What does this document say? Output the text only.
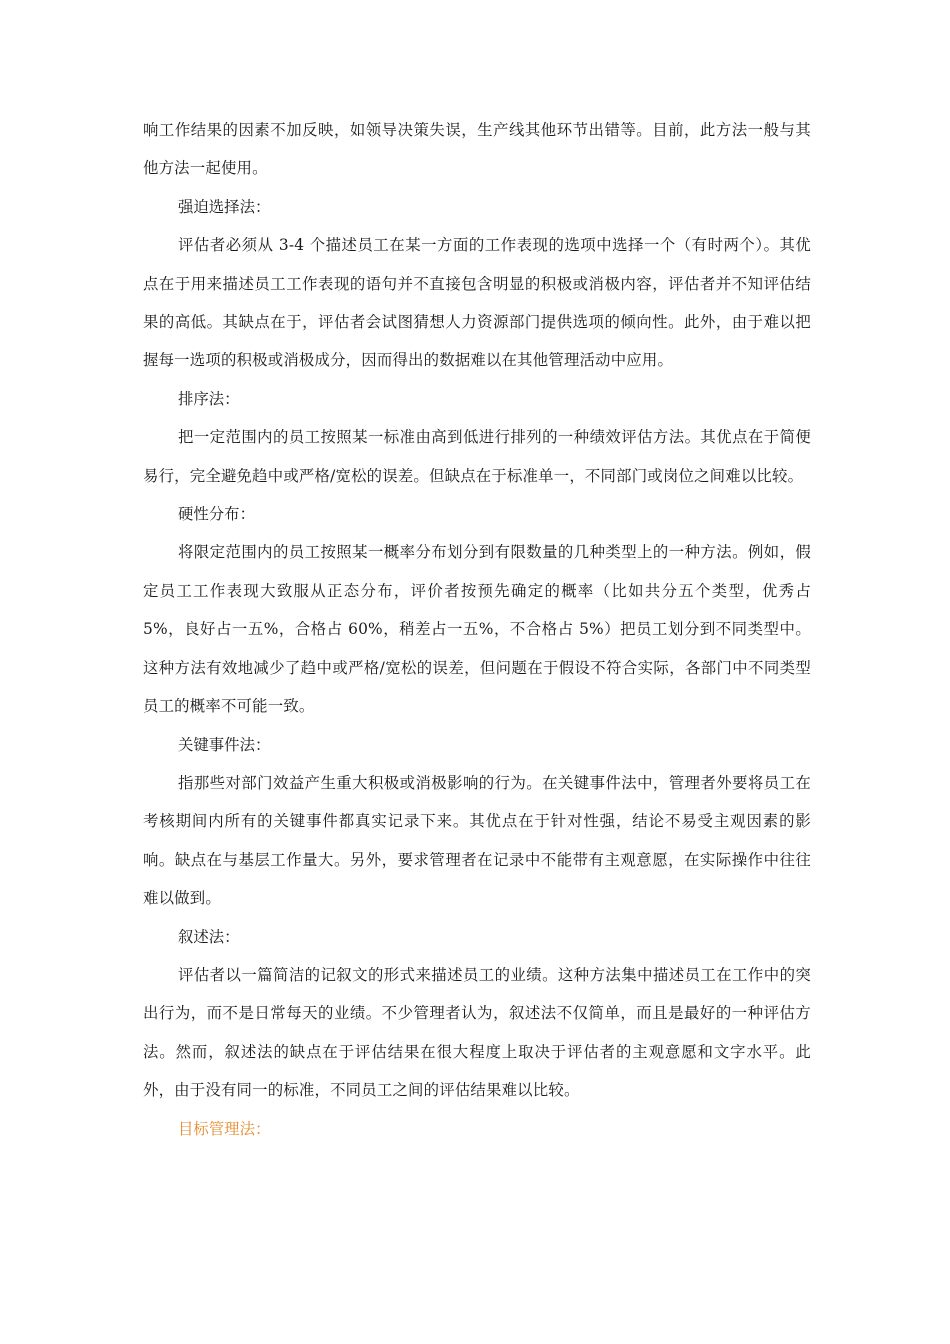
响工作结果的因素不加反映，如领导决策失误，生产线其他环节出错等。目前，此方法一般与其他方法一起使用。

强迫选择法：

评估者必须从 3-4 个描述员工在某一方面的工作表现的选项中选择一个（有时两个）。其优点在于用来描述员工工作表现的语句并不直接包含明显的积极或消极内容，评估者并不知评估结果的高低。其缺点在于，评估者会试图猜想人力资源部门提供选项的倾向性。此外，由于难以把握每一选项的积极或消极成分，因而得出的数据难以在其他管理活动中应用。

排序法：

把一定范围内的员工按照某一标准由高到低进行排列的一种绩效评估方法。其优点在于简便易行，完全避免趋中或严格/宽松的误差。但缺点在于标准单一，不同部门或岗位之间难以比较。

硬性分布：

将限定范围内的员工按照某一概率分布划分到有限数量的几种类型上的一种方法。例如，假定员工工作表现大致服从正态分布，评价者按预先确定的概率（比如共分五个类型，优秀占 5%，良好占一五%，合格占 60%，稍差占一五%，不合格占 5%）把员工划分到不同类型中。这种方法有效地减少了趋中或严格/宽松的误差，但问题在于假设不符合实际，各部门中不同类型员工的概率不可能一致。

关键事件法：

指那些对部门效益产生重大积极或消极影响的行为。在关键事件法中，管理者外要将员工在考核期间内所有的关键事件都真实记录下来。其优点在于针对性强，结论不易受主观因素的影响。缺点在与基层工作量大。另外，要求管理者在记录中不能带有主观意愿，在实际操作中往往难以做到。

叙述法：

评估者以一篇简洁的记叙文的形式来描述员工的业绩。这种方法集中描述员工在工作中的突出行为，而不是日常每天的业绩。不少管理者认为，叙述法不仅简单，而且是最好的一种评估方法。然而，叙述法的缺点在于评估结果在很大程度上取决于评估者的主观意愿和文字水平。此外，由于没有同一的标准，不同员工之间的评估结果难以比较。

目标管理法：
